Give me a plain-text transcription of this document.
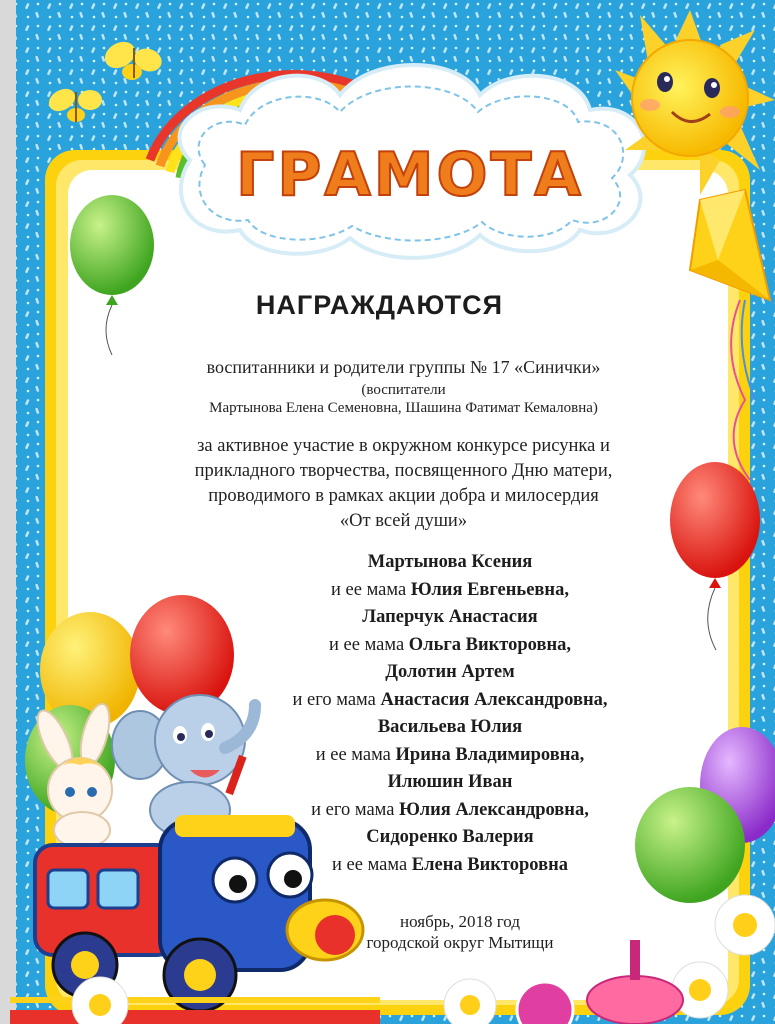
ГРАМОТА
НАГРАЖДАЮТСЯ
воспитанники и родители группы № 17 «Синички»
(воспитатели
Мартынова Елена Семеновна, Шашина Фатимат Кемаловна)
за активное участие в окружном конкурсе рисунка и
прикладного творчества, посвященного Дню матери,
проводимого в рамках акции добра и милосердия
«От всей души»
Мартынова Ксения
и ее мама Юлия Евгеньевна,
Лаперчук Анастасия
и ее мама Ольга Викторовна,
Долотин Артем
и его мама Анастасия Александровна,
Васильева Юлия
и ее мама Ирина Владимировна,
Илюшин Иван
и его мама Юлия Александровна,
Сидоренко Валерия
и ее мама Елена Викторовна
ноябрь, 2018 год
городской округ Мытищи
